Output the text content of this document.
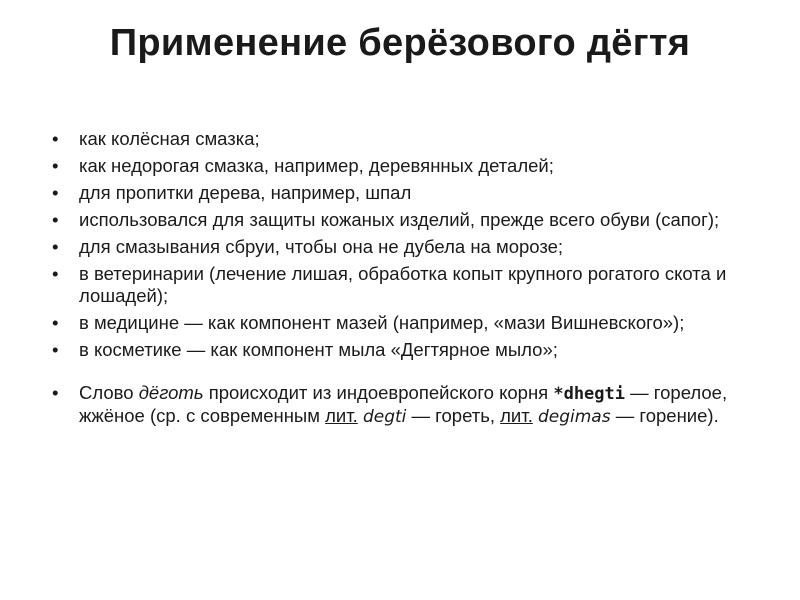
Применение берёзового дёгтя
• как колёсная смазка;
• как недорогая смазка, например, деревянных деталей;
• для пропитки дерева, например, шпал
• использовался для защиты кожаных изделий, прежде всего обуви (сапог);
• для смазывания сбруи, чтобы она не дубела на морозе;
• в ветеринарии (лечение лишая, обработка копыт крупного рогатого скота и лошадей);
• в медицине — как компонент мазей (например, «мази Вишневского»);
• в косметике — как компонент мыла «Дегтярное мыло»;
• Слово дёготь происходит из индоевропейского корня *dhegti — горелое, жжёное (ср. с современным лит. degti — гореть, лит. degimas — горение).
